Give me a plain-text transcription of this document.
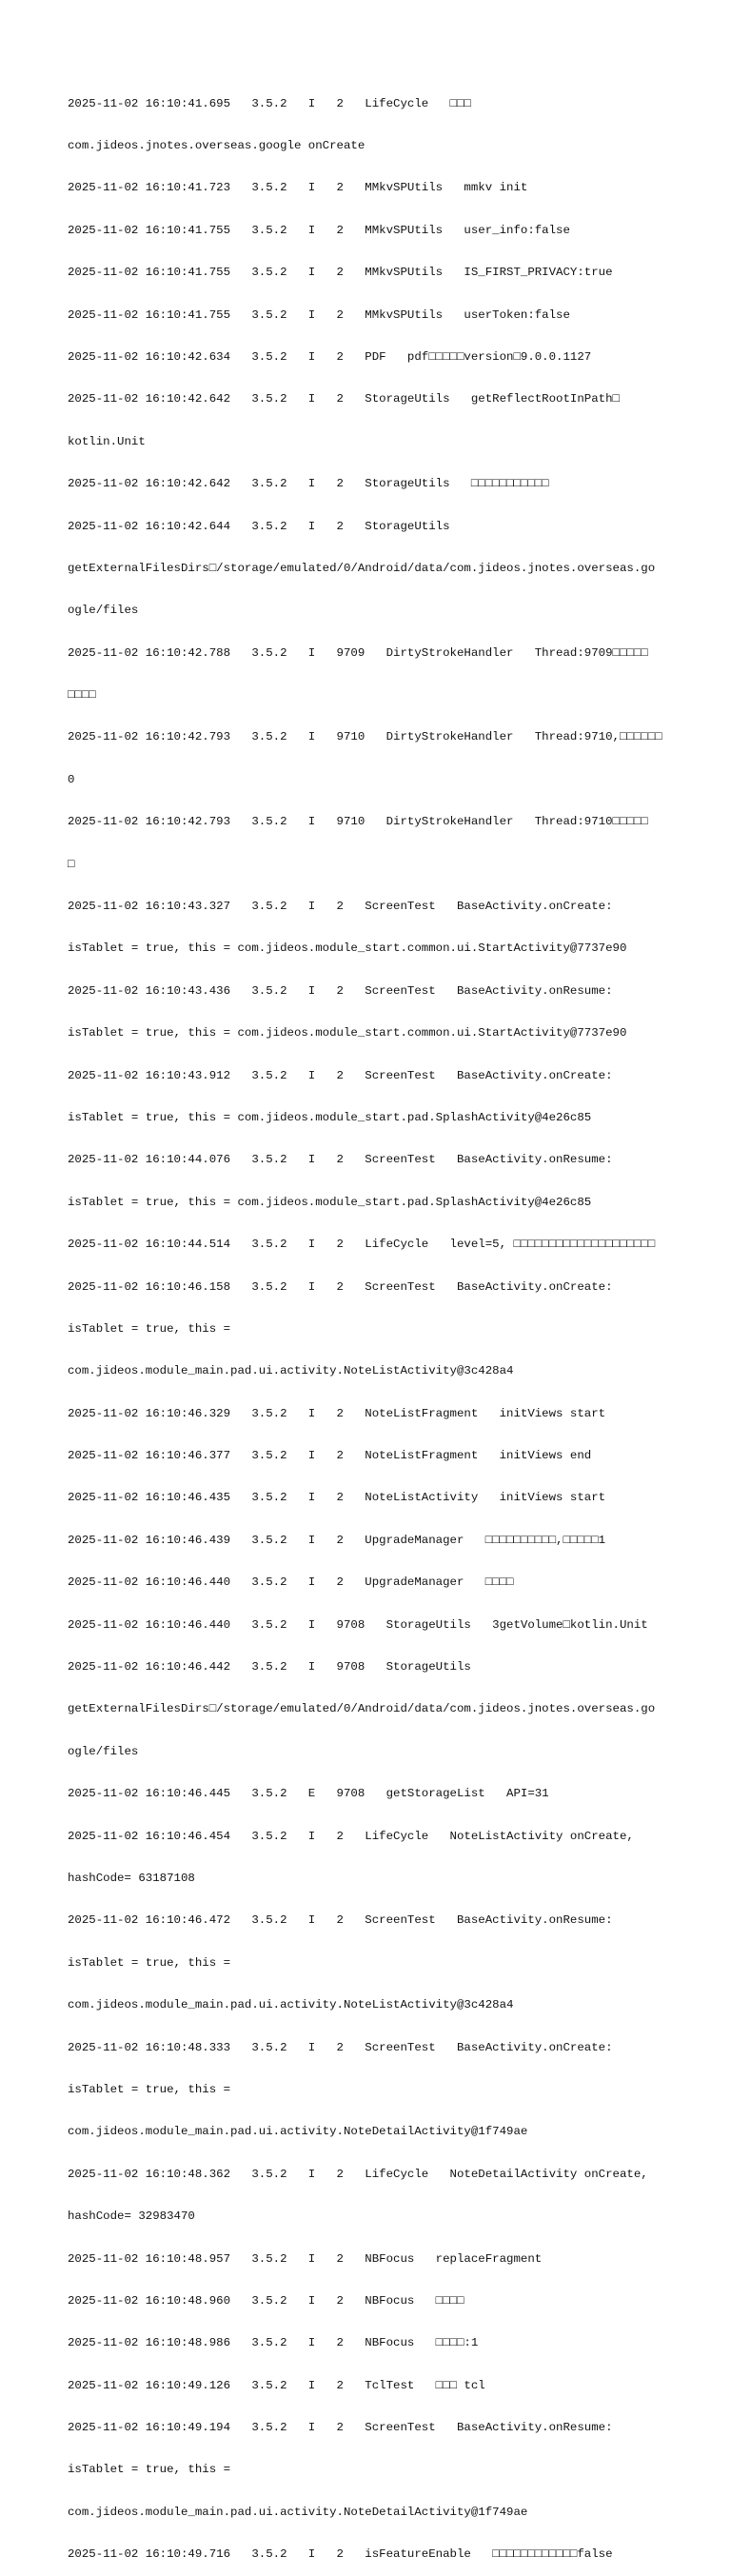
2025-11-02 16:10:41.695   3.5.2   I   2   LifeCycle   □□□

com.jideos.jnotes.overseas.google onCreate

2025-11-02 16:10:41.723   3.5.2   I   2   MMkvSPUtils   mmkv init

2025-11-02 16:10:41.755   3.5.2   I   2   MMkvSPUtils   user_info:false

2025-11-02 16:10:41.755   3.5.2   I   2   MMkvSPUtils   IS_FIRST_PRIVACY:true

2025-11-02 16:10:41.755   3.5.2   I   2   MMkvSPUtils   userToken:false

2025-11-02 16:10:42.634   3.5.2   I   2   PDF   pdf□□□□□version□9.0.0.1127

2025-11-02 16:10:42.642   3.5.2   I   2   StorageUtils   getReflectRootInPath□

kotlin.Unit

2025-11-02 16:10:42.642   3.5.2   I   2   StorageUtils   □□□□□□□□□□□

2025-11-02 16:10:42.644   3.5.2   I   2   StorageUtils

getExternalFilesDirs□/storage/emulated/0/Android/data/com.jideos.jnotes.overseas.go

ogle/files

2025-11-02 16:10:42.788   3.5.2   I   9709   DirtyStrokeHandler   Thread:9709□□□□□

□□□□

2025-11-02 16:10:42.793   3.5.2   I   9710   DirtyStrokeHandler   Thread:9710,□□□□□□

0

2025-11-02 16:10:42.793   3.5.2   I   9710   DirtyStrokeHandler   Thread:9710□□□□□

□

2025-11-02 16:10:43.327   3.5.2   I   2   ScreenTest   BaseActivity.onCreate:

isTablet = true, this = com.jideos.module_start.common.ui.StartActivity@7737e90

2025-11-02 16:10:43.436   3.5.2   I   2   ScreenTest   BaseActivity.onResume:

isTablet = true, this = com.jideos.module_start.common.ui.StartActivity@7737e90

2025-11-02 16:10:43.912   3.5.2   I   2   ScreenTest   BaseActivity.onCreate:

isTablet = true, this = com.jideos.module_start.pad.SplashActivity@4e26c85

2025-11-02 16:10:44.076   3.5.2   I   2   ScreenTest   BaseActivity.onResume:

isTablet = true, this = com.jideos.module_start.pad.SplashActivity@4e26c85

2025-11-02 16:10:44.514   3.5.2   I   2   LifeCycle   level=5, □□□□□□□□□□□□□□□□□□□□

2025-11-02 16:10:46.158   3.5.2   I   2   ScreenTest   BaseActivity.onCreate:

isTablet = true, this =

com.jideos.module_main.pad.ui.activity.NoteListActivity@3c428a4

2025-11-02 16:10:46.329   3.5.2   I   2   NoteListFragment   initViews start

2025-11-02 16:10:46.377   3.5.2   I   2   NoteListFragment   initViews end

2025-11-02 16:10:46.435   3.5.2   I   2   NoteListActivity   initViews start

2025-11-02 16:10:46.439   3.5.2   I   2   UpgradeManager   □□□□□□□□□□,□□□□□1

2025-11-02 16:10:46.440   3.5.2   I   2   UpgradeManager   □□□□

2025-11-02 16:10:46.440   3.5.2   I   9708   StorageUtils   3getVolume□kotlin.Unit

2025-11-02 16:10:46.442   3.5.2   I   9708   StorageUtils

getExternalFilesDirs□/storage/emulated/0/Android/data/com.jideos.jnotes.overseas.go

ogle/files

2025-11-02 16:10:46.445   3.5.2   E   9708   getStorageList   API=31

2025-11-02 16:10:46.454   3.5.2   I   2   LifeCycle   NoteListActivity onCreate,

hashCode= 63187108

2025-11-02 16:10:46.472   3.5.2   I   2   ScreenTest   BaseActivity.onResume:

isTablet = true, this =

com.jideos.module_main.pad.ui.activity.NoteListActivity@3c428a4

2025-11-02 16:10:48.333   3.5.2   I   2   ScreenTest   BaseActivity.onCreate:

isTablet = true, this =

com.jideos.module_main.pad.ui.activity.NoteDetailActivity@1f749ae

2025-11-02 16:10:48.362   3.5.2   I   2   LifeCycle   NoteDetailActivity onCreate,

hashCode= 32983470

2025-11-02 16:10:48.957   3.5.2   I   2   NBFocus   replaceFragment

2025-11-02 16:10:48.960   3.5.2   I   2   NBFocus   □□□□

2025-11-02 16:10:48.986   3.5.2   I   2   NBFocus   □□□□:1

2025-11-02 16:10:49.126   3.5.2   I   2   TclTest   □□□ tcl

2025-11-02 16:10:49.194   3.5.2   I   2   ScreenTest   BaseActivity.onResume:

isTablet = true, this =

com.jideos.module_main.pad.ui.activity.NoteDetailActivity@1f749ae

2025-11-02 16:10:49.716   3.5.2   I   2   isFeatureEnable   □□□□□□□□□□□□false
